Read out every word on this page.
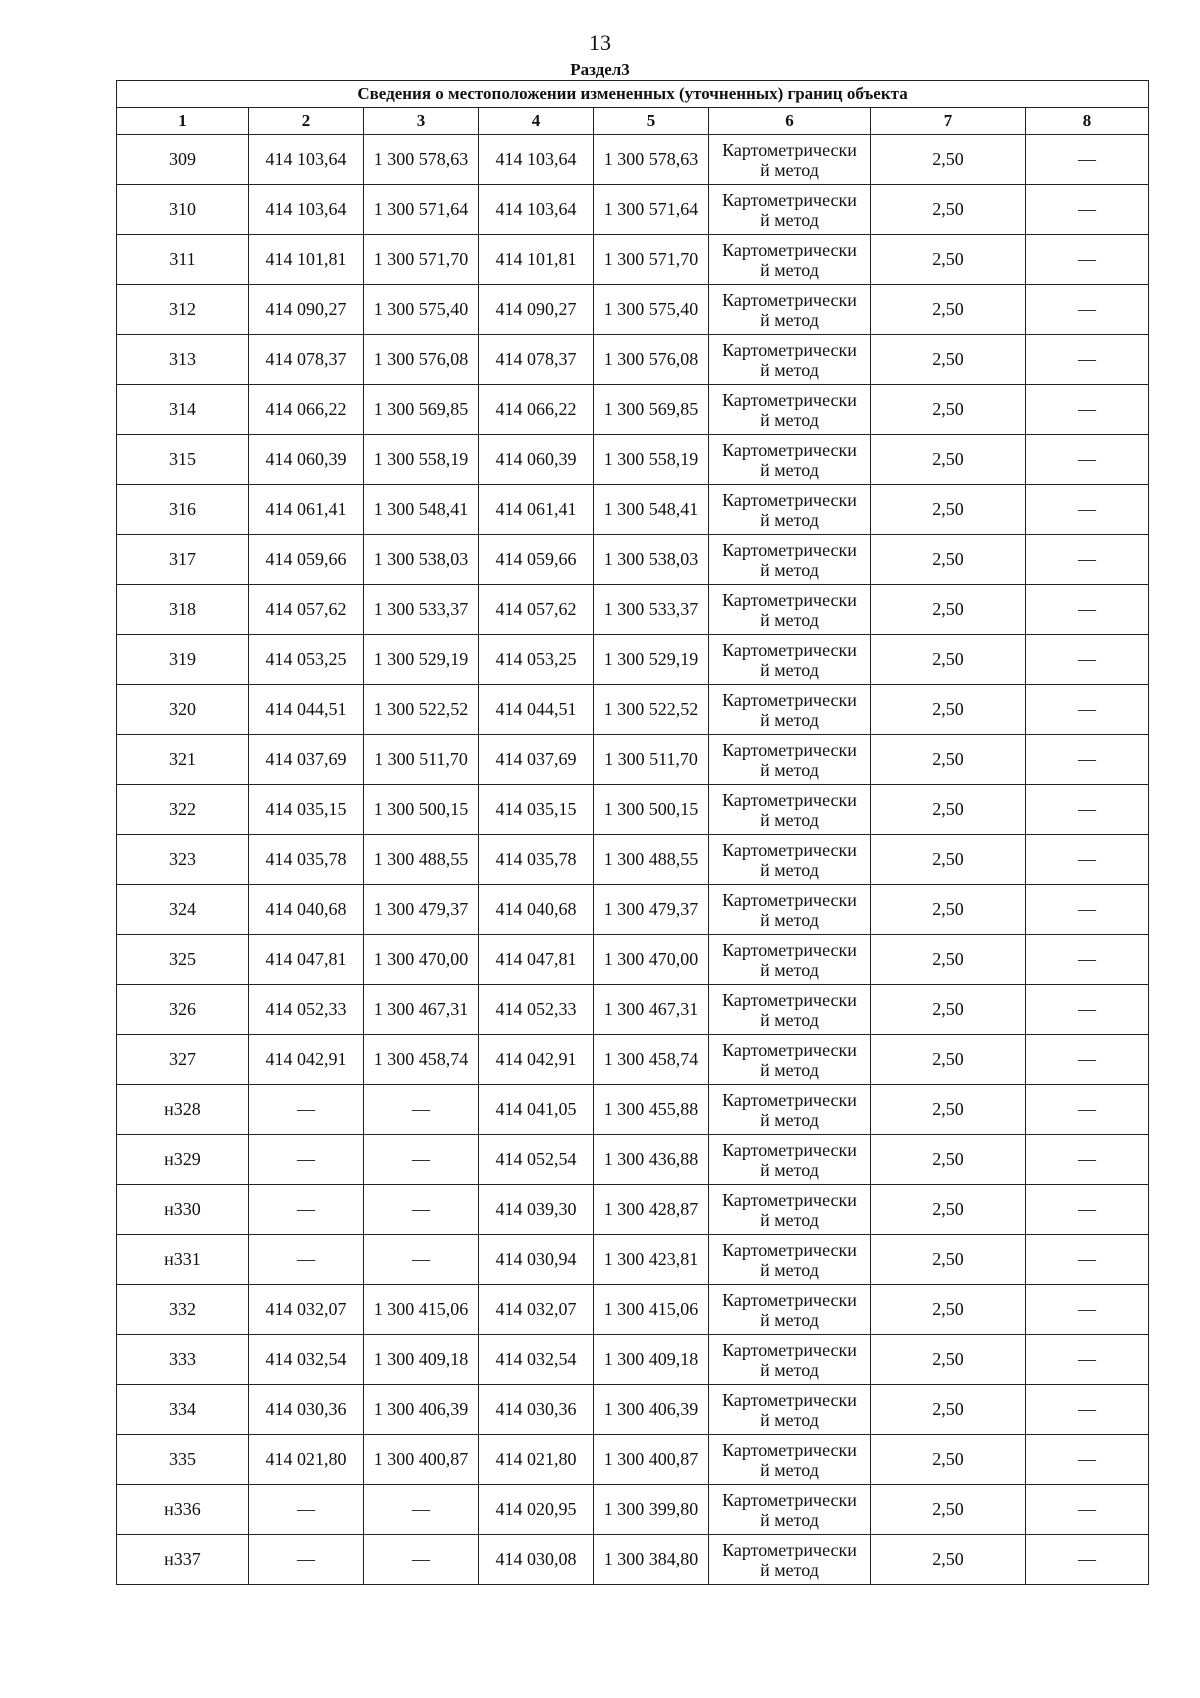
13
Раздел3
Сведения о местоположении измененных (уточненных) границ объекта							
1	2	3	4	5	6	7	8
309	414 103,64	1 300 578,63	414 103,64	1 300 578,63	Картометрически
й метод	2,50	—
310	414 103,64	1 300 571,64	414 103,64	1 300 571,64	Картометрически
й метод	2,50	—
311	414 101,81	1 300 571,70	414 101,81	1 300 571,70	Картометрически
й метод	2,50	—
312	414 090,27	1 300 575,40	414 090,27	1 300 575,40	Картометрически
й метод	2,50	—
313	414 078,37	1 300 576,08	414 078,37	1 300 576,08	Картометрически
й метод	2,50	—
314	414 066,22	1 300 569,85	414 066,22	1 300 569,85	Картометрически
й метод	2,50	—
315	414 060,39	1 300 558,19	414 060,39	1 300 558,19	Картометрически
й метод	2,50	—
316	414 061,41	1 300 548,41	414 061,41	1 300 548,41	Картометрически
й метод	2,50	—
317	414 059,66	1 300 538,03	414 059,66	1 300 538,03	Картометрически
й метод	2,50	—
318	414 057,62	1 300 533,37	414 057,62	1 300 533,37	Картометрически
й метод	2,50	—
319	414 053,25	1 300 529,19	414 053,25	1 300 529,19	Картометрически
й метод	2,50	—
320	414 044,51	1 300 522,52	414 044,51	1 300 522,52	Картометрически
й метод	2,50	—
321	414 037,69	1 300 511,70	414 037,69	1 300 511,70	Картометрически
й метод	2,50	—
322	414 035,15	1 300 500,15	414 035,15	1 300 500,15	Картометрически
й метод	2,50	—
323	414 035,78	1 300 488,55	414 035,78	1 300 488,55	Картометрически
й метод	2,50	—
324	414 040,68	1 300 479,37	414 040,68	1 300 479,37	Картометрически
й метод	2,50	—
325	414 047,81	1 300 470,00	414 047,81	1 300 470,00	Картометрически
й метод	2,50	—
326	414 052,33	1 300 467,31	414 052,33	1 300 467,31	Картометрически
й метод	2,50	—
327	414 042,91	1 300 458,74	414 042,91	1 300 458,74	Картометрически
й метод	2,50	—
н328	—	—	414 041,05	1 300 455,88	Картометрически
й метод	2,50	—
н329	—	—	414 052,54	1 300 436,88	Картометрически
й метод	2,50	—
н330	—	—	414 039,30	1 300 428,87	Картометрически
й метод	2,50	—
н331	—	—	414 030,94	1 300 423,81	Картометрически
й метод	2,50	—
332	414 032,07	1 300 415,06	414 032,07	1 300 415,06	Картометрически
й метод	2,50	—
333	414 032,54	1 300 409,18	414 032,54	1 300 409,18	Картометрически
й метод	2,50	—
334	414 030,36	1 300 406,39	414 030,36	1 300 406,39	Картометрически
й метод	2,50	—
335	414 021,80	1 300 400,87	414 021,80	1 300 400,87	Картометрически
й метод	2,50	—
н336	—	—	414 020,95	1 300 399,80	Картометрически
й метод	2,50	—
н337	—	—	414 030,08	1 300 384,80	Картометрически
й метод	2,50	—
